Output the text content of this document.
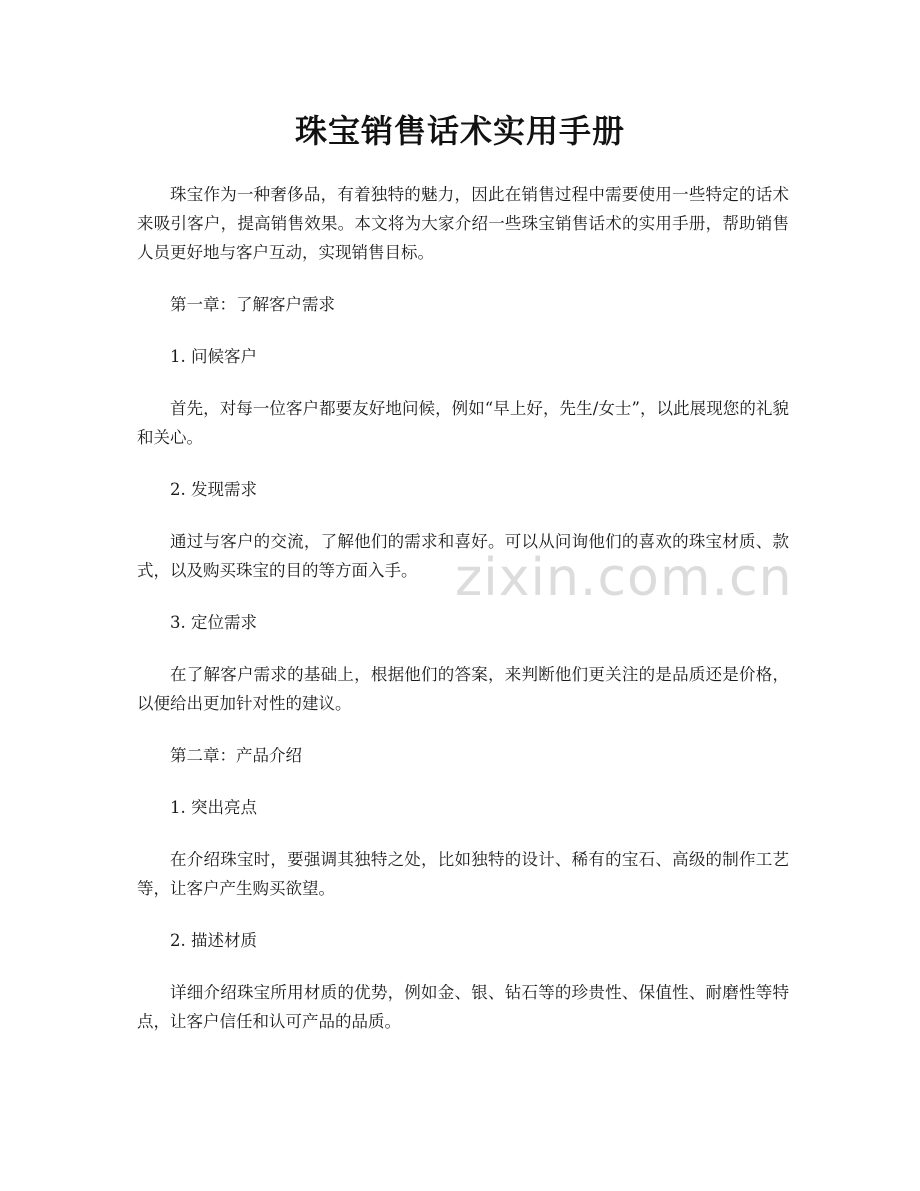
珠宝销售话术实用手册

珠宝作为一种奢侈品，有着独特的魅力，因此在销售过程中需要使用一些特定的话术来吸引客户，提高销售效果。本文将为大家介绍一些珠宝销售话术的实用手册，帮助销售人员更好地与客户互动，实现销售目标。

第一章：了解客户需求

1. 问候客户

首先，对每一位客户都要友好地问候，例如“早上好，先生/女士”，以此展现您的礼貌和关心。

2. 发现需求

通过与客户的交流，了解他们的需求和喜好。可以从问询他们的喜欢的珠宝材质、款式，以及购买珠宝的目的等方面入手。

3. 定位需求

在了解客户需求的基础上，根据他们的答案，来判断他们更关注的是品质还是价格，以便给出更加针对性的建议。

第二章：产品介绍

1. 突出亮点

在介绍珠宝时，要强调其独特之处，比如独特的设计、稀有的宝石、高级的制作工艺等，让客户产生购买欲望。

2. 描述材质

详细介绍珠宝所用材质的优势，例如金、银、钻石等的珍贵性、保值性、耐磨性等特点，让客户信任和认可产品的品质。

zixin.com.cn
